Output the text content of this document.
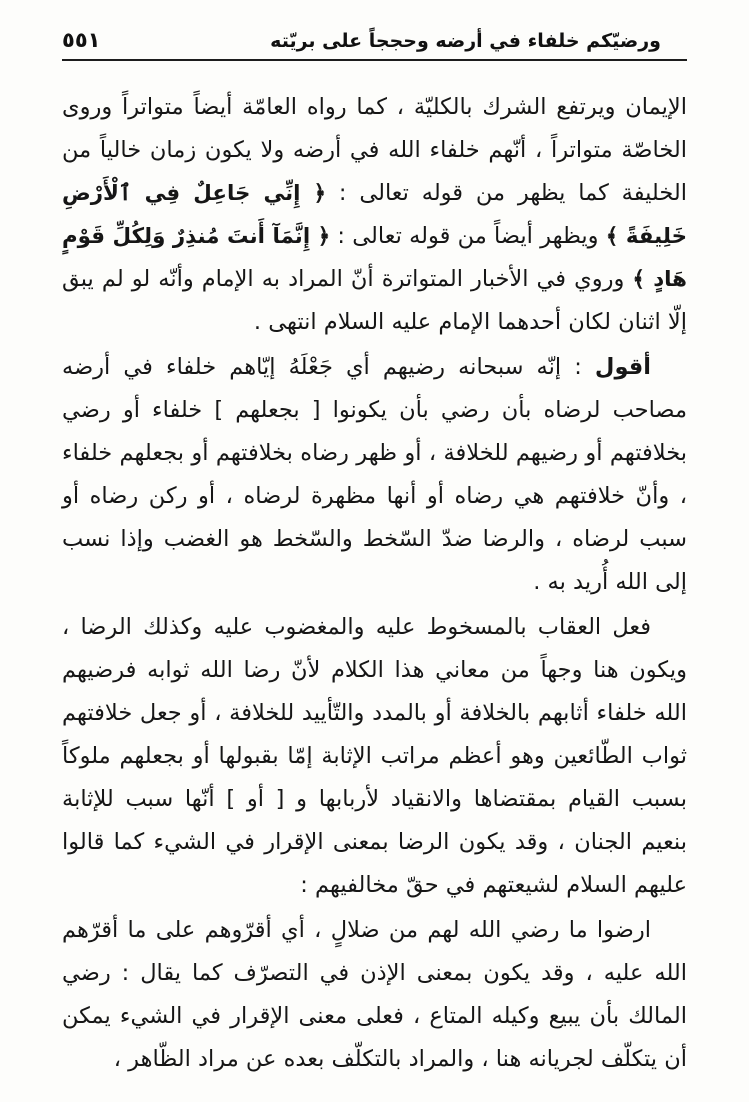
ورضيّكم خلفاء في أرضه وحججاً على بريّته
٥٥١

الإيمان ويرتفع الشرك بالكليّة ، كما رواه العامّة أيضاً متواتراً وروى الخاصّة متواتراً ، أنّهم خلفاء الله في أرضه ولا يكون زمان خالياً من الخليفة كما يظهر من قوله تعالى : ﴿ إِنِّي جَاعِلٌ فِي ٱلْأَرْضِ خَلِيفَةً ﴾ ويظهر أيضاً من قوله تعالى : ﴿ إِنَّمَآ أَنتَ مُنذِرٌ وَلِكُلِّ قَوْمٍ هَادٍ ﴾ وروي في الأخبار المتواترة أنّ المراد به الإمام وأنّه لو لم يبق إلّا اثنان لكان أحدهما الإمام عليه السلام انتهى .

أقول : إنّه سبحانه رضيهم أي جَعْلَهُ إيّاهم خلفاء في أرضه مصاحب لرضاه بأن رضي بأن يكونوا [ بجعلهم ] خلفاء أو رضي بخلافتهم أو رضيهم للخلافة ، أو ظهر رضاه بخلافتهم أو بجعلهم خلفاء ، وأنّ خلافتهم هي رضاه أو أنها مظهرة لرضاه ، أو ركن رضاه أو سبب لرضاه ، والرضا ضدّ السّخط والسّخط هو الغضب وإذا نسب إلى الله أُريد به .

فعل العقاب بالمسخوط عليه والمغضوب عليه وكذلك الرضا ، ويكون هنا وجهاً من معاني هذا الكلام لأنّ رضا الله ثوابه فرضيهم الله خلفاء أثابهم بالخلافة أو بالمدد والتّأييد للخلافة ، أو جعل خلافتهم ثواب الطّائعين وهو أعظم مراتب الإثابة إمّا بقبولها أو بجعلهم ملوكاً بسبب القيام بمقتضاها والانقياد لأربابها و [ أو ] أنّها سبب للإثابة بنعيم الجنان ، وقد يكون الرضا بمعنى الإقرار في الشيء كما قالوا عليهم السلام لشيعتهم في حقّ مخالفيهم :

ارضوا ما رضي الله لهم من ضلالٍ ، أي أقرّوهم على ما أقرّهم الله عليه ، وقد يكون بمعنى الإذن في التصرّف كما يقال : رضي المالك بأن يبيع وكيله المتاع ، فعلى معنى الإقرار في الشيء يمكن أن يتكلّف لجريانه هنا ، والمراد بالتكلّف بعده عن مراد الظّاهر ،
